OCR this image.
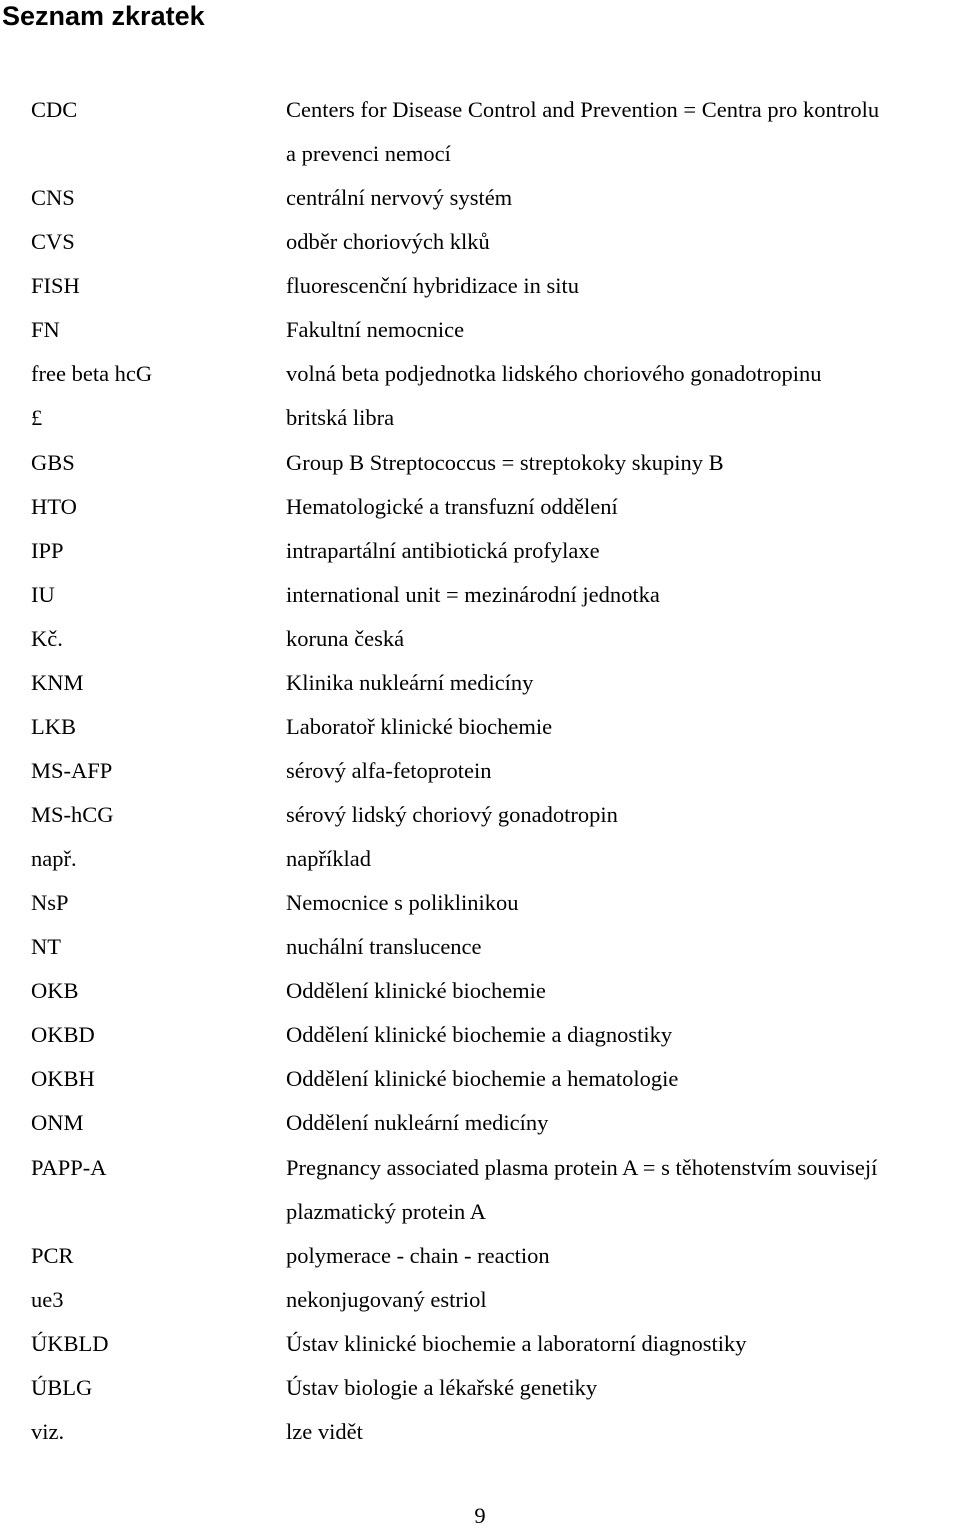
Seznam zkratek
CDC	Centers for Disease Control and Prevention = Centra pro kontrolu
a prevenci nemocí
CNS	centrální nervový systém
CVS	odběr choriových klků
FISH	fluorescenční hybridizace in situ
FN	Fakultní nemocnice
free beta hcG	volná beta podjednotka lidského choriového gonadotropinu
£	britská libra
GBS	Group B Streptococcus = streptokoky skupiny B
HTO	Hematologické a transfuzní oddělení
IPP	intrapartální antibiotická profylaxe
IU	international unit = mezinárodní jednotka
Kč.	koruna česká
KNM	Klinika nukleární medicíny
LKB	Laboratoř klinické biochemie
MS-AFP	sérový alfa-fetoprotein
MS-hCG	sérový lidský choriový gonadotropin
např.	například
NsP	Nemocnice s poliklinikou
NT	nuchální translucence
OKB	Oddělení klinické biochemie
OKBD	Oddělení klinické biochemie a diagnostiky
OKBH	Oddělení klinické biochemie a hematologie
ONM	Oddělení nukleární medicíny
PAPP-A	Pregnancy associated plasma protein A = s těhotenstvím souvisejí
plazmatický protein A
PCR	polymerace - chain - reaction
ue3	nekonjugovaný estriol
ÚKBLD	Ústav klinické biochemie a laboratorní diagnostiky
ÚBLG	Ústav biologie a lékařské genetiky
viz.	lze vidět
9
